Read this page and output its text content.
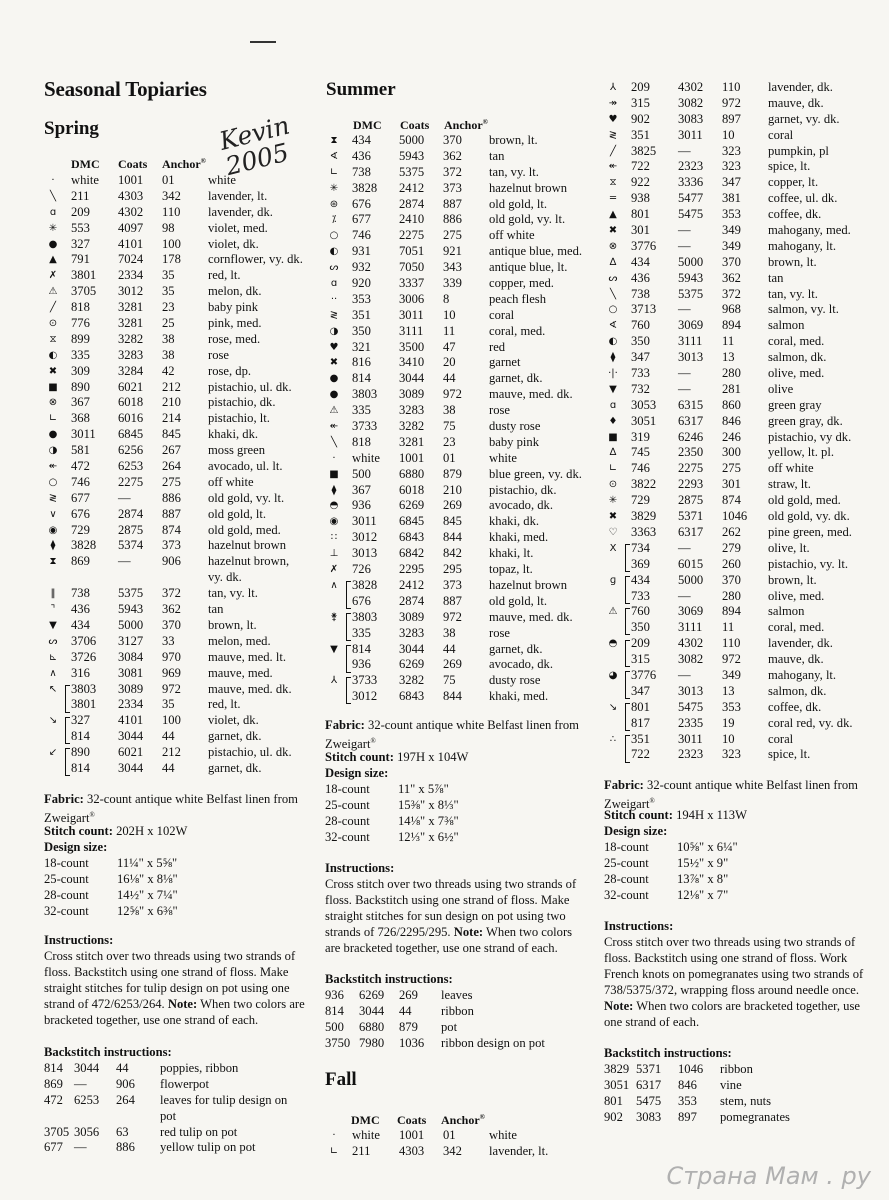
Seasonal Topiaries
Spring
DMC Coats Anchor®
·	white 1001 01	white
╲	211 4303 342 lavender, lt.
ɑ	209 4302 110 lavender, dk.
✳	553 4097 98	violet, med.
●	327 4101 100 violet, dk.
▲	791 7024 178 cornflower, vy. dk.
✗	3801 2334 35	red, lt.
⚠	3705 3012 35	melon, dk.
╱	818 3281 23	baby pink
⊙	776 3281 25	pink, med.
⧖	899 3282 38	rose, med.
◐	335 3283 38	rose
✖	309 3284 42	rose, dp.
■	890 6021 212 pistachio, ul. dk.
⊗	367 6018 210 pistachio, dk.
∟	368 6016 214 pistachio, lt.
●	3011 6845 845 khaki, dk.
◑	581 6256 267 moss green
↞	472 6253 264 avocado, ul. lt.
○	746 2275 275 off white
≷	677 — 886 old gold, vy. lt.
∨	676 2874 887 old gold, lt.
◉	729 2875 874 old gold, med.
⧫	3828 5374 373 hazelnut brown
⧗	869 — 906 hazelnut brown,
vy. dk.
‖	738 5375 372 tan, vy. lt.
⌝	436 5943 362 tan
▼	434 5000 370 brown, lt.
ᔕ	3706 3127 33	melon, med.
⊾	3726 3084 970 mauve, med. lt.
∧	316 3081 969 mauve, med.
↖	3803 3089 972 mauve, med. dk.
3801 2334 35	red, lt.
↘	327 4101 100 violet, dk.
814 3044 44	garnet, dk.
↙	890 6021 212 pistachio, ul. dk.
814 3044 44	garnet, dk.
Fabric: 32-count antique white Belfast linen from Zweigart®
Stitch count: 202H x 102W
Design size:
18-count 11¼" x 5⅝"
25-count 16⅛" x 8⅛"
28-count 14½" x 7¼"
32-count 12⅝" x 6⅜"
Instructions:
Cross stitch over two threads using two strands of floss. Backstitch using one strand of floss. Make straight stitches for tulip design on pot using one strand of 472/6253/264. Note: When two colors are bracketed together, use one strand of each.
Backstitch instructions:
814 3044 44 poppies, ribbon
869 — 906 flowerpot
472 6253 264 leaves for tulip design on
pot
3705 3056 63 red tulip on pot
677 — 886 yellow tulip on pot
Kevin 2005
Summer
DMC Coats Anchor®
⧗	434 5000 370 brown, lt.
∢	436 5943 362 tan
∟	738 5375 372 tan, vy. lt.
✳	3828 2412 373 hazelnut brown
⊛	676 2874 887 old gold, lt.
⁒	677 2410 886 old gold, vy. lt.
○	746 2275 275 off white
◐	931 7051 921 antique blue, med.
ᔕ	932 7050 343 antique blue, lt.
ɑ	920 3337 339 copper, med.
··	353 3006 8	peach flesh
≷	351 3011 10	coral
◑	350 3111 11	coral, med.
♥	321 3500 47	red
✖	816 3410 20	garnet
●	814 3044 44	garnet, dk.
●	3803 3089 972 mauve, med. dk.
⚠	335 3283 38	rose
↞	3733 3282 75	dusty rose
╲	818 3281 23	baby pink
·	white 1001 01	white
■	500 6880 879 blue green, vy. dk.
⧫	367 6018 210 pistachio, dk.
◓	936 6269 269 avocado, dk.
◉	3011 6845 845 khaki, dk.
∷	3012 6843 844 khaki, med.
⊥	3013 6842 842 khaki, lt.
✗	726 2295 295 topaz, lt.
∧	3828 2412 373 hazelnut brown
676 2874 887 old gold, lt.
⚵	3803 3089 972 mauve, med. dk.
335 3283 38	rose
▼	814 3044 44	garnet, dk.
936 6269 269 avocado, dk.
⅄	3733 3282 75	dusty rose
3012 6843 844 khaki, med.
Fabric: 32-count antique white Belfast linen from Zweigart®
Stitch count: 197H x 104W
Design size:
18-count 11" x 5⅞"
25-count 15⅜" x 8⅓"
28-count 14⅛" x 7⅜"
32-count 12⅓" x 6½"
Instructions:
Cross stitch over two threads using two strands of floss. Backstitch using one strand of floss. Make straight stitches for sun design on pot using two strands of 726/2295/295. Note: When two colors are bracketed together, use one strand of each.
Backstitch instructions:
936 6269 269 leaves
814 3044 44 ribbon
500 6880 879 pot
3750 7980 1036 ribbon design on pot
Fall
DMC Coats Anchor®
·	white 1001 01	white
∟	211 4303 342 lavender, lt.
⅄	209 4302 110 lavender, dk.
↠	315 3082 972 mauve, dk.
♥	902 3083 897 garnet, vy. dk.
≷	351 3011 10	coral
╱	3825 — 323 pumpkin, pl
↞	722 2323 323 spice, lt.
⧖	922 3336 347 copper, lt.
═	938 5477 381 coffee, ul. dk.
▲	801 5475 353 coffee, dk.
✖	301 — 349 mahogany, med.
⊗	3776 — 349 mahogany, lt.
∆	434 5000 370 brown, lt.
ᔕ	436 5943 362 tan
╲	738 5375 372 tan, vy. lt.
○	3713 — 968 salmon, vy. lt.
∢	760 3069 894 salmon
◐	350 3111 11	coral, med.
⧫	347 3013 13	salmon, dk.
·|·	733 — 280 olive, med.
▼	732 — 281 olive
ɑ	3053 6315 860 green gray
♦	3051 6317 846 green gray, dk.
■	319 6246 246 pistachio, vy dk.
∆	745 2350 300 yellow, lt. pl.
∟	746 2275 275 off white
⊙	3822 2293 301 straw, lt.
✳	729 2875 874 old gold, med.
✖	3829 5371 1046 old gold, vy. dk.
♡	3363 6317 262 pine green, med.
X	734 — 279 olive, lt.
369 6015 260 pistachio, vy. lt.
ɡ	434 5000 370 brown, lt.
733 — 280 olive, med.
⚠	760 3069 894 salmon
350 3111 11	coral, med.
◓	209 4302 110 lavender, dk.
315 3082 972 mauve, dk.
◕	3776 — 349 mahogany, lt.
347 3013 13	salmon, dk.
↘	801 5475 353 coffee, dk.
817 2335 19	coral red, vy. dk.
∴	351 3011 10	coral
722 2323 323 spice, lt.
Fabric: 32-count antique white Belfast linen from Zweigart®
Stitch count: 194H x 113W
Design size:
18-count 10⅝" x 6¼"
25-count 15½" x 9"
28-count 13⅞" x 8"
32-count 12⅛" x 7"
Instructions:
Cross stitch over two threads using two strands of floss. Backstitch using one strand of floss. Work French knots on pomegranates using two strands of 738/5375/372, wrapping floss around needle once. Note: When two colors are bracketed together, use one strand of each.
Backstitch instructions:
3829 5371 1046 ribbon
3051 6317 846 vine
801 5475 353 stem, nuts
902 3083 897 pomegranates
Страна Мам . ру
